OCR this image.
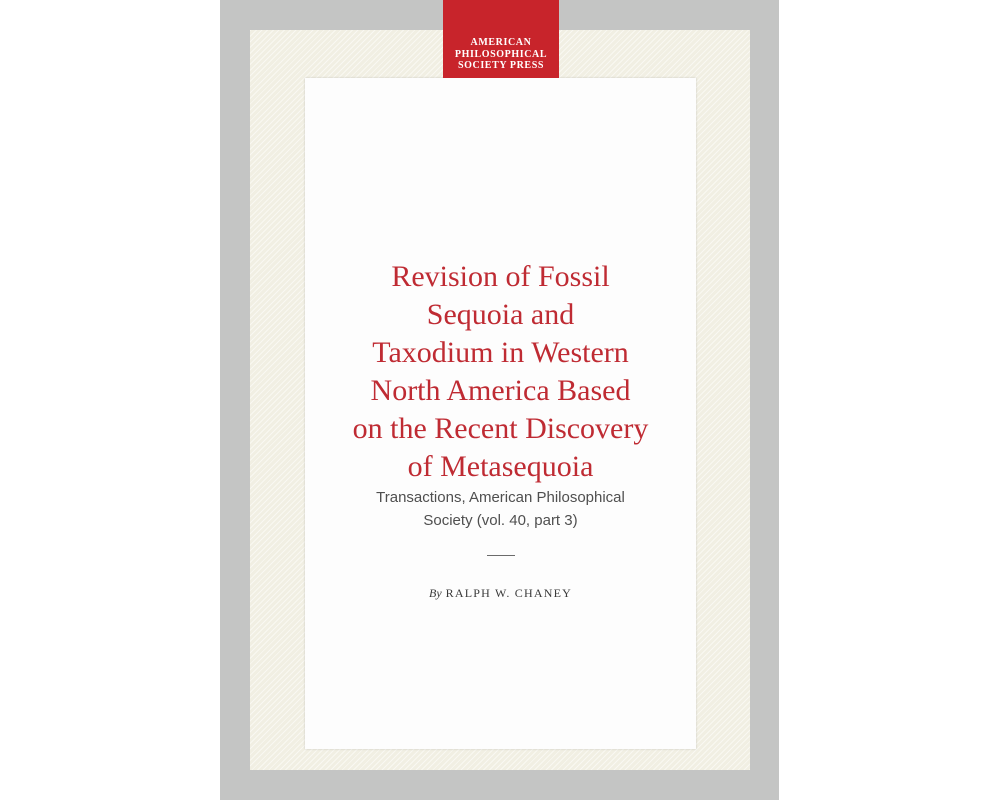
AMERICAN
PHILOSOPHICAL
SOCIETY PRESS
Revision of Fossil
Sequoia and
Taxodium in Western
North America Based
on the Recent Discovery
of Metasequoia
Transactions, American Philosophical
Society (vol. 40, part 3)
By RALPH W. CHANEY
